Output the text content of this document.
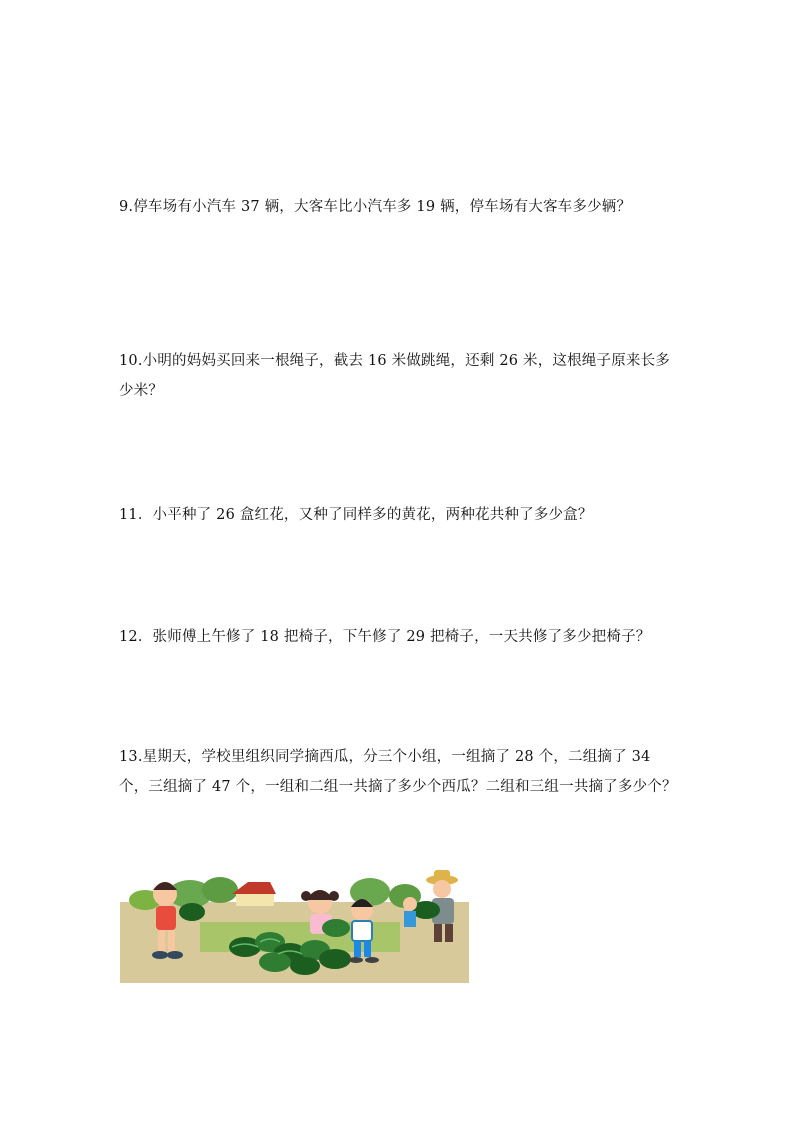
9.停车场有小汽车 37 辆，大客车比小汽车多 19 辆，停车场有大客车多少辆？

10.小明的妈妈买回来一根绳子，截去 16 米做跳绳，还剩 26 米，这根绳子原来长多少米？

11．小平种了 26 盒红花，又种了同样多的黄花，两种花共种了多少盒？

12．张师傅上午修了 18 把椅子，下午修了 29 把椅子，一天共修了多少把椅子？

13.星期天，学校里组织同学摘西瓜，分三个小组，一组摘了 28 个，二组摘了 34 个，三组摘了 47 个，一组和二组一共摘了多少个西瓜？二组和三组一共摘了多少个？
